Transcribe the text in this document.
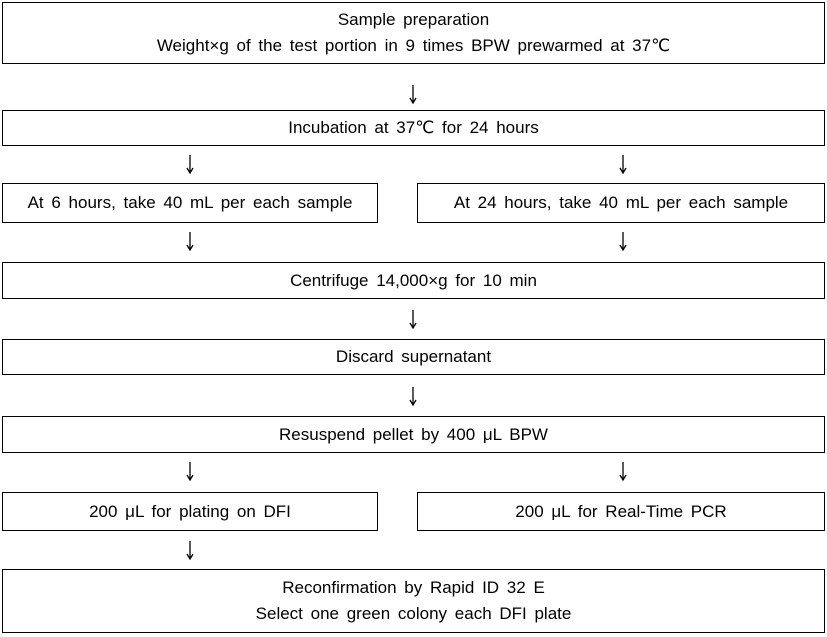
Sample preparation
Weight×g of the test portion in 9 times BPW prewarmed at 37℃
Incubation at 37℃ for 24 hours
At 6 hours, take 40 mL per each sample	At 24 hours, take 40 mL per each sample
Centrifuge 14,000×g for 10 min
Discard supernatant
Resuspend pellet by 400 μL BPW
200 μL for plating on DFI	200 μL for Real-Time PCR
Reconfirmation by Rapid ID 32 E
Select one green colony each DFI plate
